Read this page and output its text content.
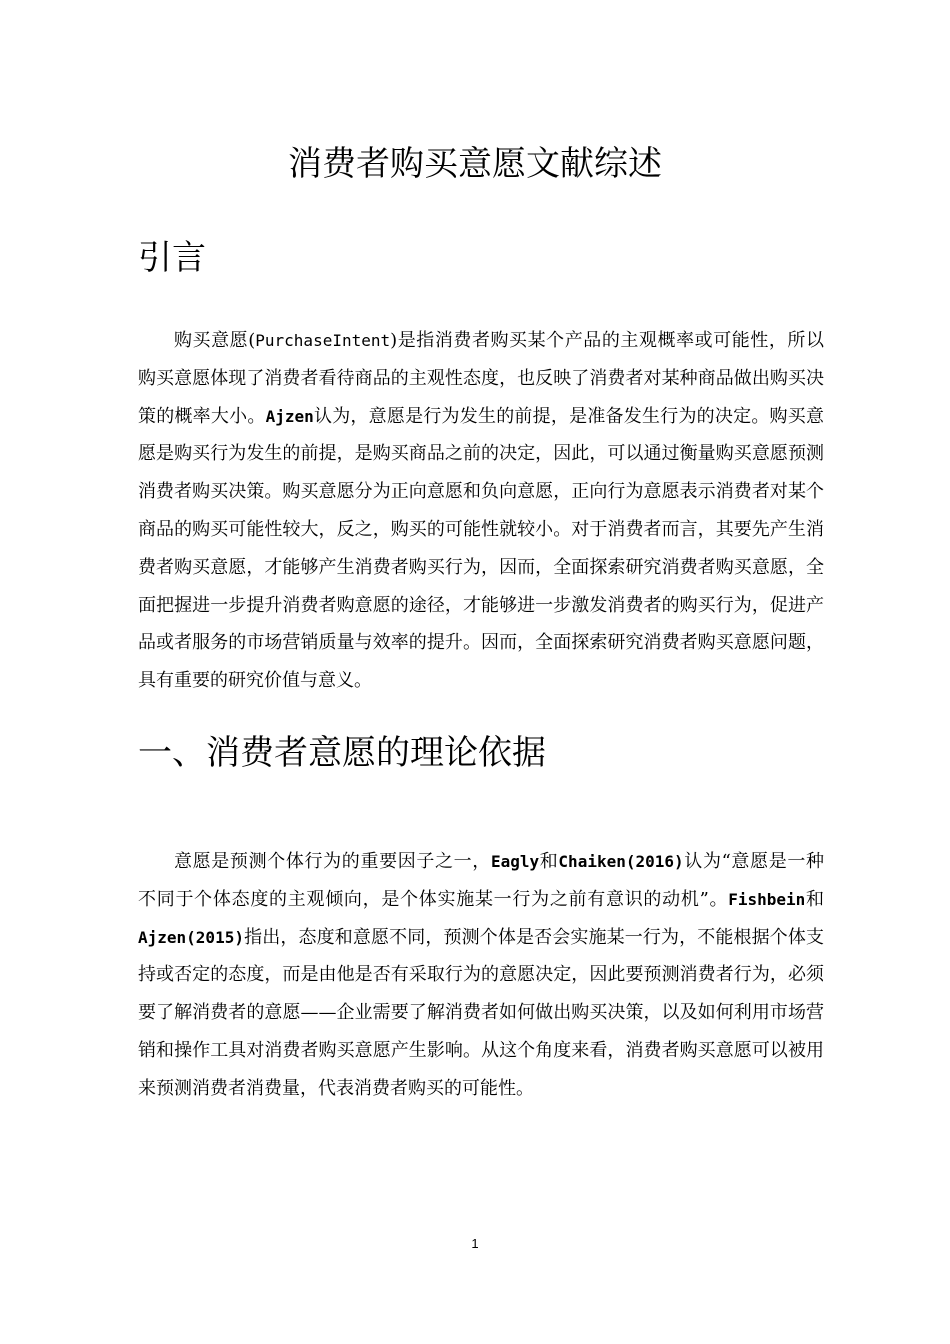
消费者购买意愿文献综述
引言

购买意愿(PurchaseIntent)是指消费者购买某个产品的主观概率或可能性，所以购买意愿体现了消费者看待商品的主观性态度，也反映了消费者对某种商品做出购买决策的概率大小。Ajzen认为，意愿是行为发生的前提，是准备发生行为的决定。购买意愿是购买行为发生的前提，是购买商品之前的决定，因此，可以通过衡量购买意愿预测消费者购买决策。购买意愿分为正向意愿和负向意愿，正向行为意愿表示消费者对某个商品的购买可能性较大，反之，购买的可能性就较小。对于消费者而言，其要先产生消费者购买意愿，才能够产生消费者购买行为，因而，全面探索研究消费者购买意愿，全面把握进一步提升消费者购意愿的途径，才能够进一步激发消费者的购买行为，促进产品或者服务的市场营销质量与效率的提升。因而，全面探索研究消费者购买意愿问题，具有重要的研究价值与意义。

一、消费者意愿的理论依据

意愿是预测个体行为的重要因子之一，Eagly和Chaiken(2016)认为“意愿是一种不同于个体态度的主观倾向，是个体实施某一行为之前有意识的动机”。Fishbein和Ajzen(2015)指出，态度和意愿不同，预测个体是否会实施某一行为，不能根据个体支持或否定的态度，而是由他是否有采取行为的意愿决定，因此要预测消费者行为，必须要了解消费者的意愿——企业需要了解消费者如何做出购买决策，以及如何利用市场营销和操作工具对消费者购买意愿产生影响。从这个角度来看，消费者购买意愿可以被用来预测消费者消费量，代表消费者购买的可能性。

1
